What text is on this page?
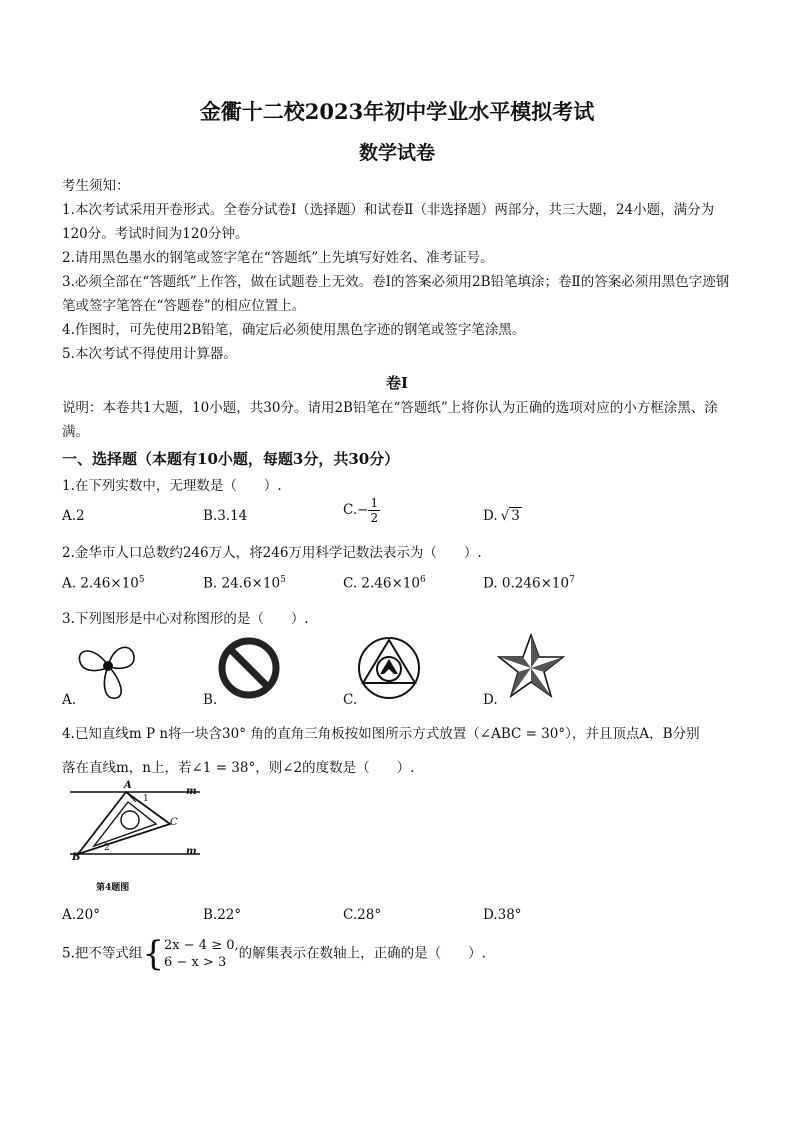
金衢十二校2023年初中学业水平模拟考试
数学试卷
考生须知：
1.本次考试采用开卷形式。全卷分试卷Ⅰ（选择题）和试卷Ⅱ（非选择题）两部分，共三大题，24小题，满分为120分。考试时间为120分钟。
2.请用黑色墨水的钢笔或签字笔在“答题纸”上先填写好姓名、准考证号。
3.必须全部在“答题纸”上作答，做在试题卷上无效。卷Ⅰ的答案必须用2B铅笔填涂；卷Ⅱ的答案必须用黑色字迹钢笔或签字笔答在“答题卷”的相应位置上。
4.作图时，可先使用2B铅笔，确定后必须使用黑色字迹的钢笔或签字笔涂黑。
5.本次考试不得使用计算器。
卷Ⅰ
说明：本卷共1大题，10小题，共30分。请用2B铅笔在“答题纸”上将你认为正确的选项对应的小方框涂黑、涂满。
一、选择题（本题有10小题，每题3分，共30分）
1.在下列实数中，无理数是（　　）.
A.2	B.3.14	$C.- \frac{1}{2}$	D. √ 3
2.金华市人口总数约246万人，将246万用科学记数法表示为（　　）.
A. $2.46\times 10^5$	B. $24.6\times 10^5$	C. $2.46\times 10^6$	D. $0.246\times 10^7$
3.下列图形是中心对称图形的是（　　）.
A.	B.	C.	D.
4.已知直线m P n将一块含30° 角的直角三角板按如图所示方式放置（∠ABC = 30°），并且顶点A，B分别
落在直线m，n上，若∠1 = 38°，则∠2的度数是（　　）.
A
m
1
C
B
2	m
第4题图
A.20°	B.22°	C.28°	D.38°
5.把不等式组{ 2x − 4 ≥ 0,
6 − x > 3
的解集表示在数轴上，正确的是（　　）.
